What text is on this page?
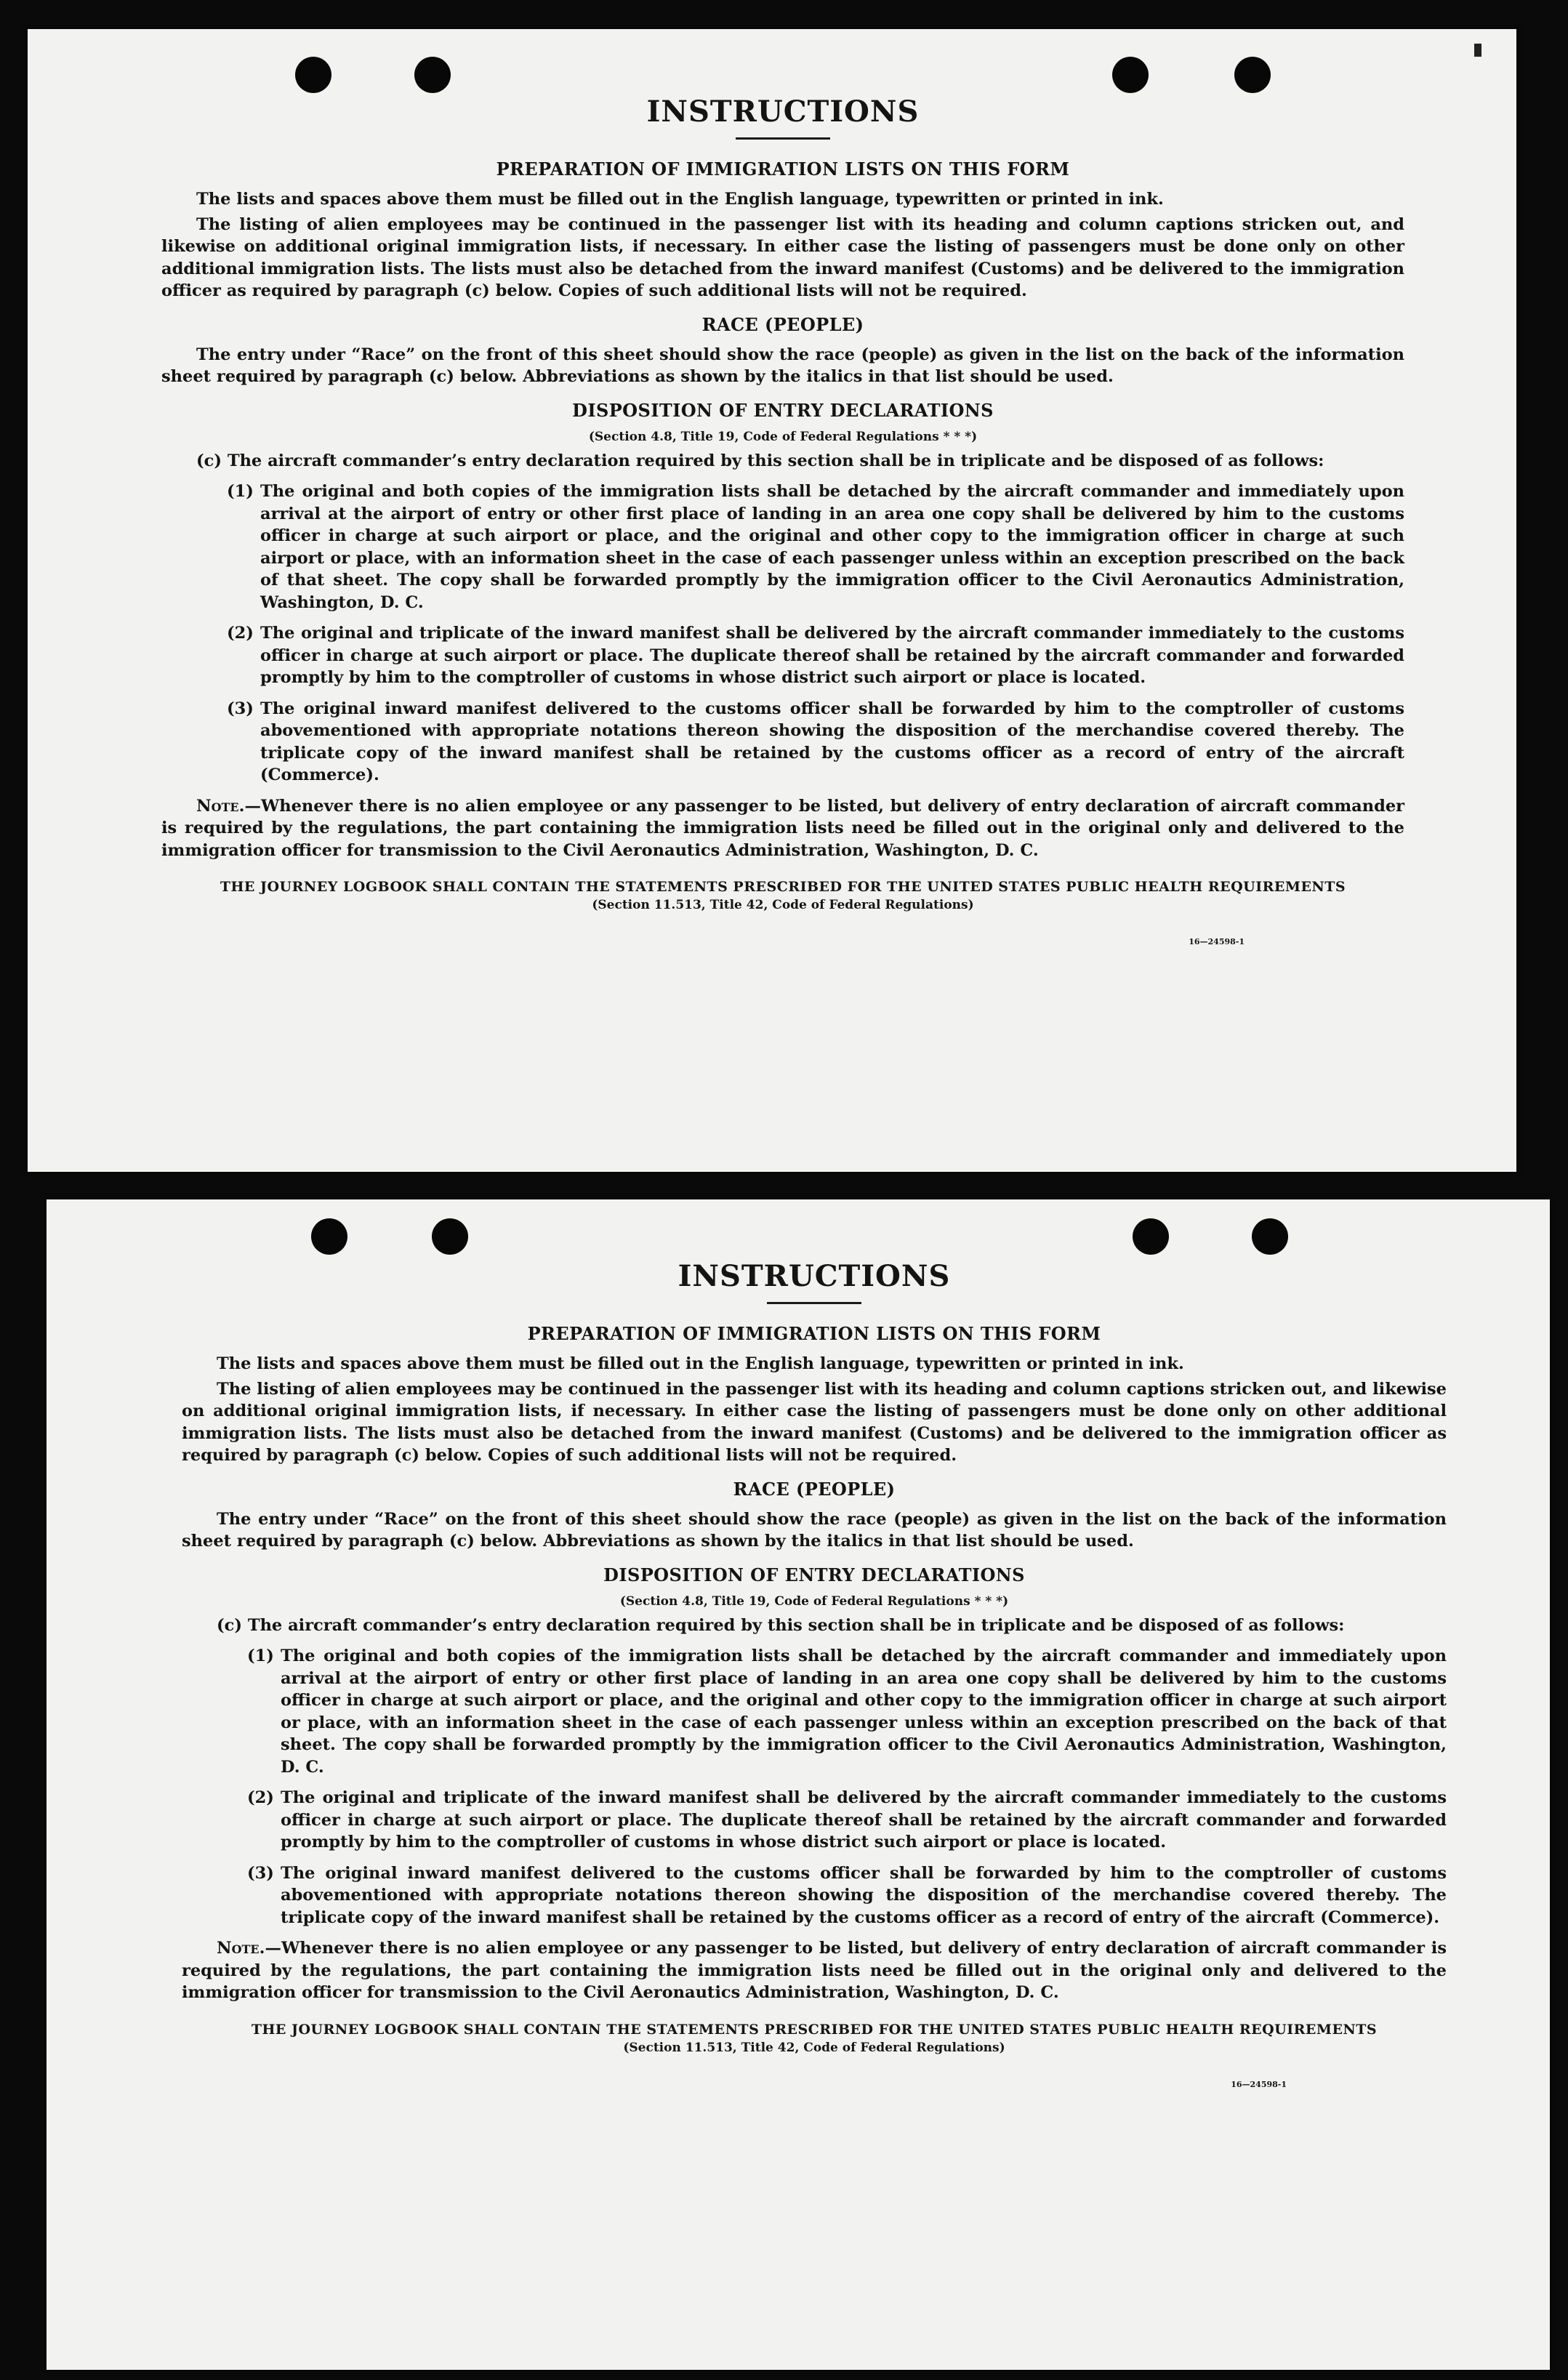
INSTRUCTIONS
PREPARATION OF IMMIGRATION LISTS ON THIS FORM

The lists and spaces above them must be filled out in the English language, typewritten or printed in ink.

The listing of alien employees may be continued in the passenger list with its heading and column captions stricken out, and likewise on additional original immigration lists, if necessary. In either case the listing of passengers must be done only on other additional immigration lists. The lists must also be detached from the inward manifest (Customs) and be delivered to the immigration officer as required by paragraph (c) below. Copies of such additional lists will not be required.

RACE (PEOPLE)

The entry under “Race” on the front of this sheet should show the race (people) as given in the list on the back of the information sheet required by paragraph (c) below. Abbreviations as shown by the italics in that list should be used.

DISPOSITION OF ENTRY DECLARATIONS
(Section 4.8, Title 19, Code of Federal Regulations * * *)

(c) The aircraft commander’s entry declaration required by this section shall be in triplicate and be disposed of as follows:

(1) The original and both copies of the immigration lists shall be detached by the aircraft commander and immediately upon arrival at the airport of entry or other first place of landing in an area one copy shall be delivered by him to the customs officer in charge at such airport or place, and the original and other copy to the immigration officer in charge at such airport or place, with an information sheet in the case of each passenger unless within an exception prescribed on the back of that sheet. The copy shall be forwarded promptly by the immigration officer to the Civil Aeronautics Administration, Washington, D. C.
(2) The original and triplicate of the inward manifest shall be delivered by the aircraft commander immediately to the customs officer in charge at such airport or place. The duplicate thereof shall be retained by the aircraft commander and forwarded promptly by him to the comptroller of customs in whose district such airport or place is located.
(3) The original inward manifest delivered to the customs officer shall be forwarded by him to the comptroller of customs abovementioned with appropriate notations thereon showing the disposition of the merchandise covered thereby. The triplicate copy of the inward manifest shall be retained by the customs officer as a record of entry of the aircraft (Commerce).

Note.—Whenever there is no alien employee or any passenger to be listed, but delivery of entry declaration of aircraft commander is required by the regulations, the part containing the immigration lists need be filled out in the original only and delivered to the immigration officer for transmission to the Civil Aeronautics Administration, Washington, D. C.

THE JOURNEY LOGBOOK SHALL CONTAIN THE STATEMENTS PRESCRIBED FOR THE UNITED STATES PUBLIC HEALTH REQUIREMENTS
(Section 11.513, Title 42, Code of Federal Regulations)
16—24598-1
INSTRUCTIONS
PREPARATION OF IMMIGRATION LISTS ON THIS FORM

The lists and spaces above them must be filled out in the English language, typewritten or printed in ink.

The listing of alien employees may be continued in the passenger list with its heading and column captions stricken out, and likewise on additional original immigration lists, if necessary. In either case the listing of passengers must be done only on other additional immigration lists. The lists must also be detached from the inward manifest (Customs) and be delivered to the immigration officer as required by paragraph (c) below. Copies of such additional lists will not be required.

RACE (PEOPLE)

The entry under “Race” on the front of this sheet should show the race (people) as given in the list on the back of the information sheet required by paragraph (c) below. Abbreviations as shown by the italics in that list should be used.

DISPOSITION OF ENTRY DECLARATIONS
(Section 4.8, Title 19, Code of Federal Regulations * * *)

(c) The aircraft commander’s entry declaration required by this section shall be in triplicate and be disposed of as follows:

(1) The original and both copies of the immigration lists shall be detached by the aircraft commander and immediately upon arrival at the airport of entry or other first place of landing in an area one copy shall be delivered by him to the customs officer in charge at such airport or place, and the original and other copy to the immigration officer in charge at such airport or place, with an information sheet in the case of each passenger unless within an exception prescribed on the back of that sheet. The copy shall be forwarded promptly by the immigration officer to the Civil Aeronautics Administration, Washington, D. C.
(2) The original and triplicate of the inward manifest shall be delivered by the aircraft commander immediately to the customs officer in charge at such airport or place. The duplicate thereof shall be retained by the aircraft commander and forwarded promptly by him to the comptroller of customs in whose district such airport or place is located.
(3) The original inward manifest delivered to the customs officer shall be forwarded by him to the comptroller of customs abovementioned with appropriate notations thereon showing the disposition of the merchandise covered thereby. The triplicate copy of the inward manifest shall be retained by the customs officer as a record of entry of the aircraft (Commerce).

Note.—Whenever there is no alien employee or any passenger to be listed, but delivery of entry declaration of aircraft commander is required by the regulations, the part containing the immigration lists need be filled out in the original only and delivered to the immigration officer for transmission to the Civil Aeronautics Administration, Washington, D. C.

THE JOURNEY LOGBOOK SHALL CONTAIN THE STATEMENTS PRESCRIBED FOR THE UNITED STATES PUBLIC HEALTH REQUIREMENTS
(Section 11.513, Title 42, Code of Federal Regulations)
16—24598-1
